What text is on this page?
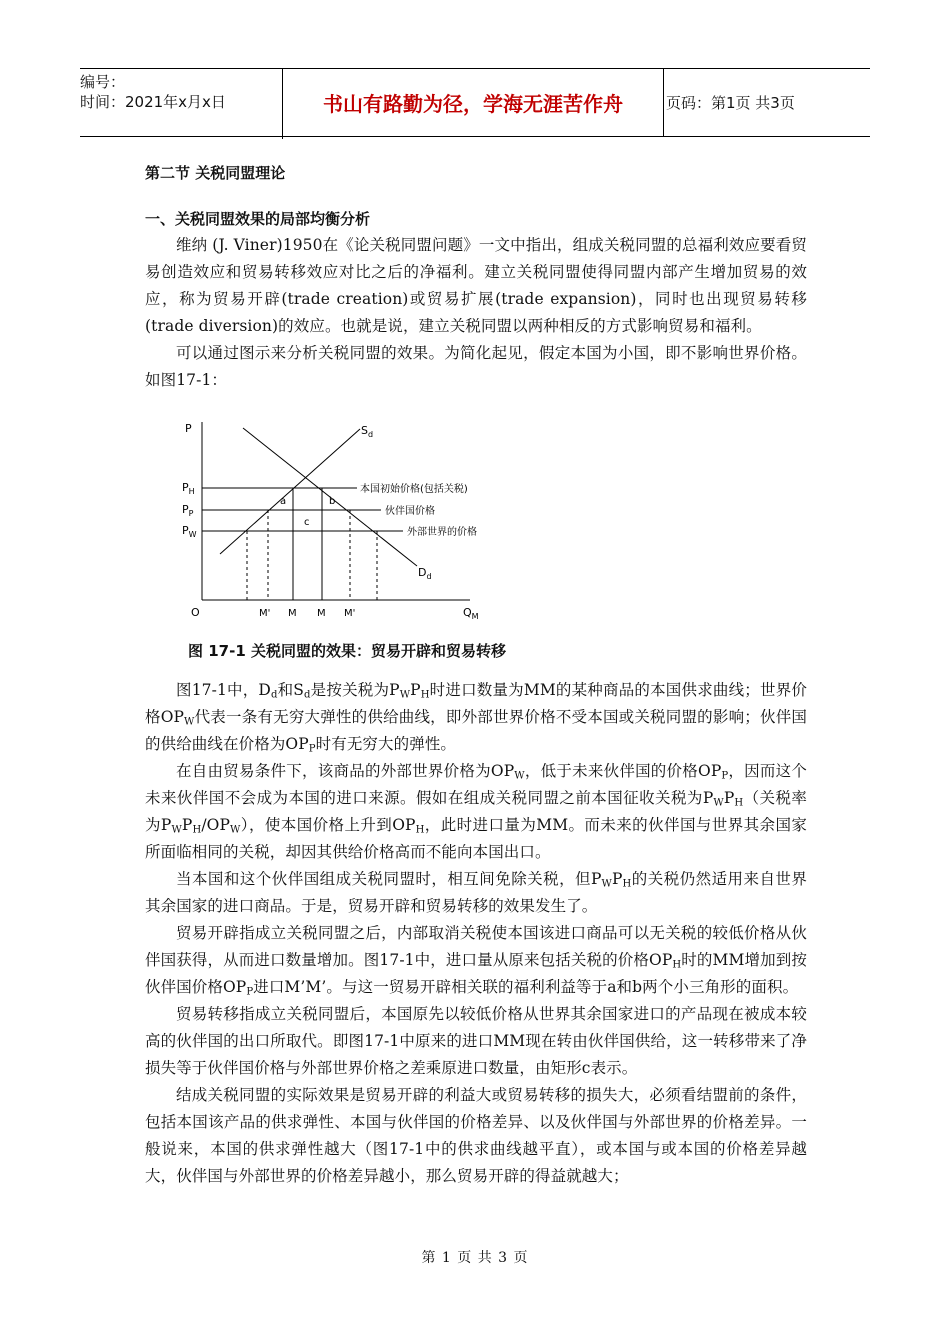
编号：
时间：2021年x月x日	书山有路勤为径，学海无涯苦作舟	页码：第1页 共3页
第二节 关税同盟理论
一、关税同盟效果的局部均衡分析

维纳 (J. Viner)1950在《论关税同盟问题》一文中指出，组成关税同盟的总福利效应要看贸易创造效应和贸易转移效应对比之后的净福利。建立关税同盟使得同盟内部产生增加贸易的效应，称为贸易开辟(trade creation)或贸易扩展(trade expansion)，同时也出现贸易转移(trade diversion)的效应。也就是说，建立关税同盟以两种相反的方式影响贸易和福利。

可以通过图示来分析关税同盟的效果。为简化起见，假定本国为小国，即不影响世界价格。如图17-1：

P
O	$Q_M$
$S_d$
$D_d$
$P_H$
$P_P$
$P_W$
本国初始价格(包括关税)
伙伴国价格
外部世界的价格
a	b
c
M' M M M'
图 17-1 关税同盟的效果：贸易开辟和贸易转移

图17-1中，$D_d$和$S_d$是按关税为$P_WP_H$时进口数量为MM的某种商品的本国供求曲线；世界价格$OP_W$代表一条有无穷大弹性的供给曲线，即外部世界价格不受本国或关税同盟的影响；伙伴国的供给曲线在价格为$OP_P$时有无穷大的弹性。

在自由贸易条件下，该商品的外部世界价格为$OP_W$，低于未来伙伴国的价格$OP_P$，因而这个未来伙伴国不会成为本国的进口来源。假如在组成关税同盟之前本国征收关税为$P_WP_H$（关税率为$P_WP_H/OP_W$），使本国价格上升到$OP_H$，此时进口量为MM。而未来的伙伴国与世界其余国家所面临相同的关税，却因其供给价格高而不能向本国出口。

当本国和这个伙伴国组成关税同盟时，相互间免除关税，但$P_WP_H$的关税仍然适用来自世界其余国家的进口商品。于是，贸易开辟和贸易转移的效果发生了。

贸易开辟指成立关税同盟之后，内部取消关税使本国该进口商品可以无关税的较低价格从伙伴国获得，从而进口数量增加。图17-1中，进口量从原来包括关税的价格$OP_H$时的MM增加到按伙伴国价格$OP_P$进口M’M’。与这一贸易开辟相关联的福利利益等于a和b两个小三角形的面积。

贸易转移指成立关税同盟后，本国原先以较低价格从世界其余国家进口的产品现在被成本较高的伙伴国的出口所取代。即图17-1中原来的进口MM现在转由伙伴国供给，这一转移带来了净损失等于伙伴国价格与外部世界价格之差乘原进口数量，由矩形c表示。

结成关税同盟的实际效果是贸易开辟的利益大或贸易转移的损失大，必须看结盟前的条件，包括本国该产品的供求弹性、本国与伙伴国的价格差异、以及伙伴国与外部世界的价格差异。一般说来，本国的供求弹性越大（图17-1中的供求曲线越平直），或本国与或本国的价格差异越大，伙伴国与外部世界的价格差异越小，那么贸易开辟的得益就越大；

第 1 页 共 3 页
